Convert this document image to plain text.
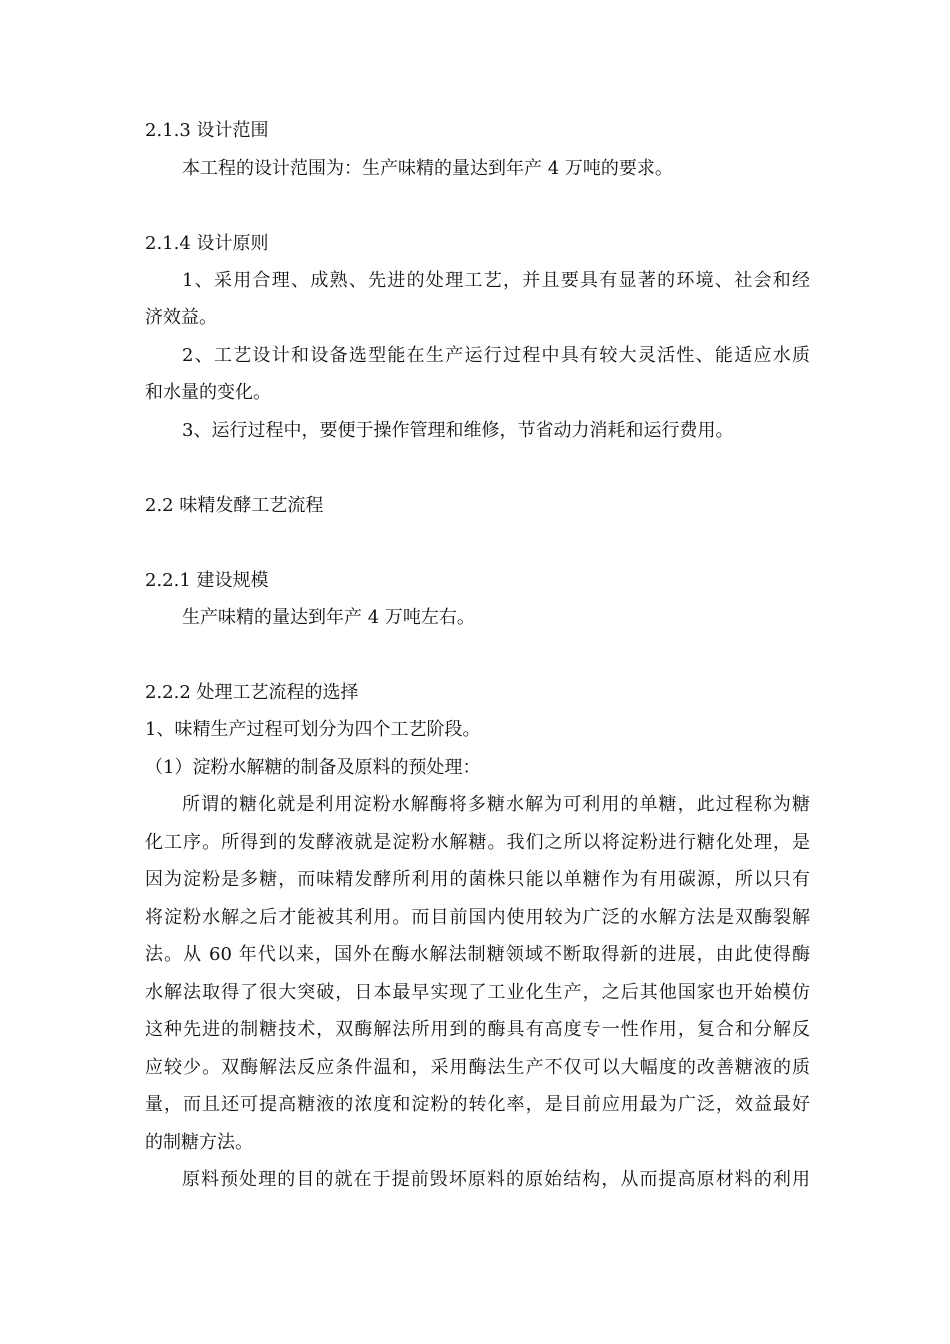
2.1.3 设计范围
本工程的设计范围为：生产味精的量达到年产 4 万吨的要求。
2.1.4 设计原则
1、采用合理、成熟、先进的处理工艺，并且要具有显著的环境、社会和经
济效益。
2、工艺设计和设备选型能在生产运行过程中具有较大灵活性、能适应水质
和水量的变化。
3、运行过程中，要便于操作管理和维修，节省动力消耗和运行费用。
2.2 味精发酵工艺流程
2.2.1 建设规模
生产味精的量达到年产 4 万吨左右。
2.2.2 处理工艺流程的选择
1、味精生产过程可划分为四个工艺阶段。
（1）淀粉水解糖的制备及原料的预处理：
所谓的糖化就是利用淀粉水解酶将多糖水解为可利用的单糖，此过程称为糖
化工序。所得到的发酵液就是淀粉水解糖。我们之所以将淀粉进行糖化处理，是
因为淀粉是多糖，而味精发酵所利用的菌株只能以单糖作为有用碳源，所以只有
将淀粉水解之后才能被其利用。而目前国内使用较为广泛的水解方法是双酶裂解
法。从 60 年代以来，国外在酶水解法制糖领域不断取得新的进展，由此使得酶
水解法取得了很大突破，日本最早实现了工业化生产，之后其他国家也开始模仿
这种先进的制糖技术，双酶解法所用到的酶具有高度专一性作用，复合和分解反
应较少。双酶解法反应条件温和，采用酶法生产不仅可以大幅度的改善糖液的质
量，而且还可提高糖液的浓度和淀粉的转化率，是目前应用最为广泛，效益最好
的制糖方法。
原料预处理的目的就在于提前毁坏原料的原始结构，从而提高原材料的利用
